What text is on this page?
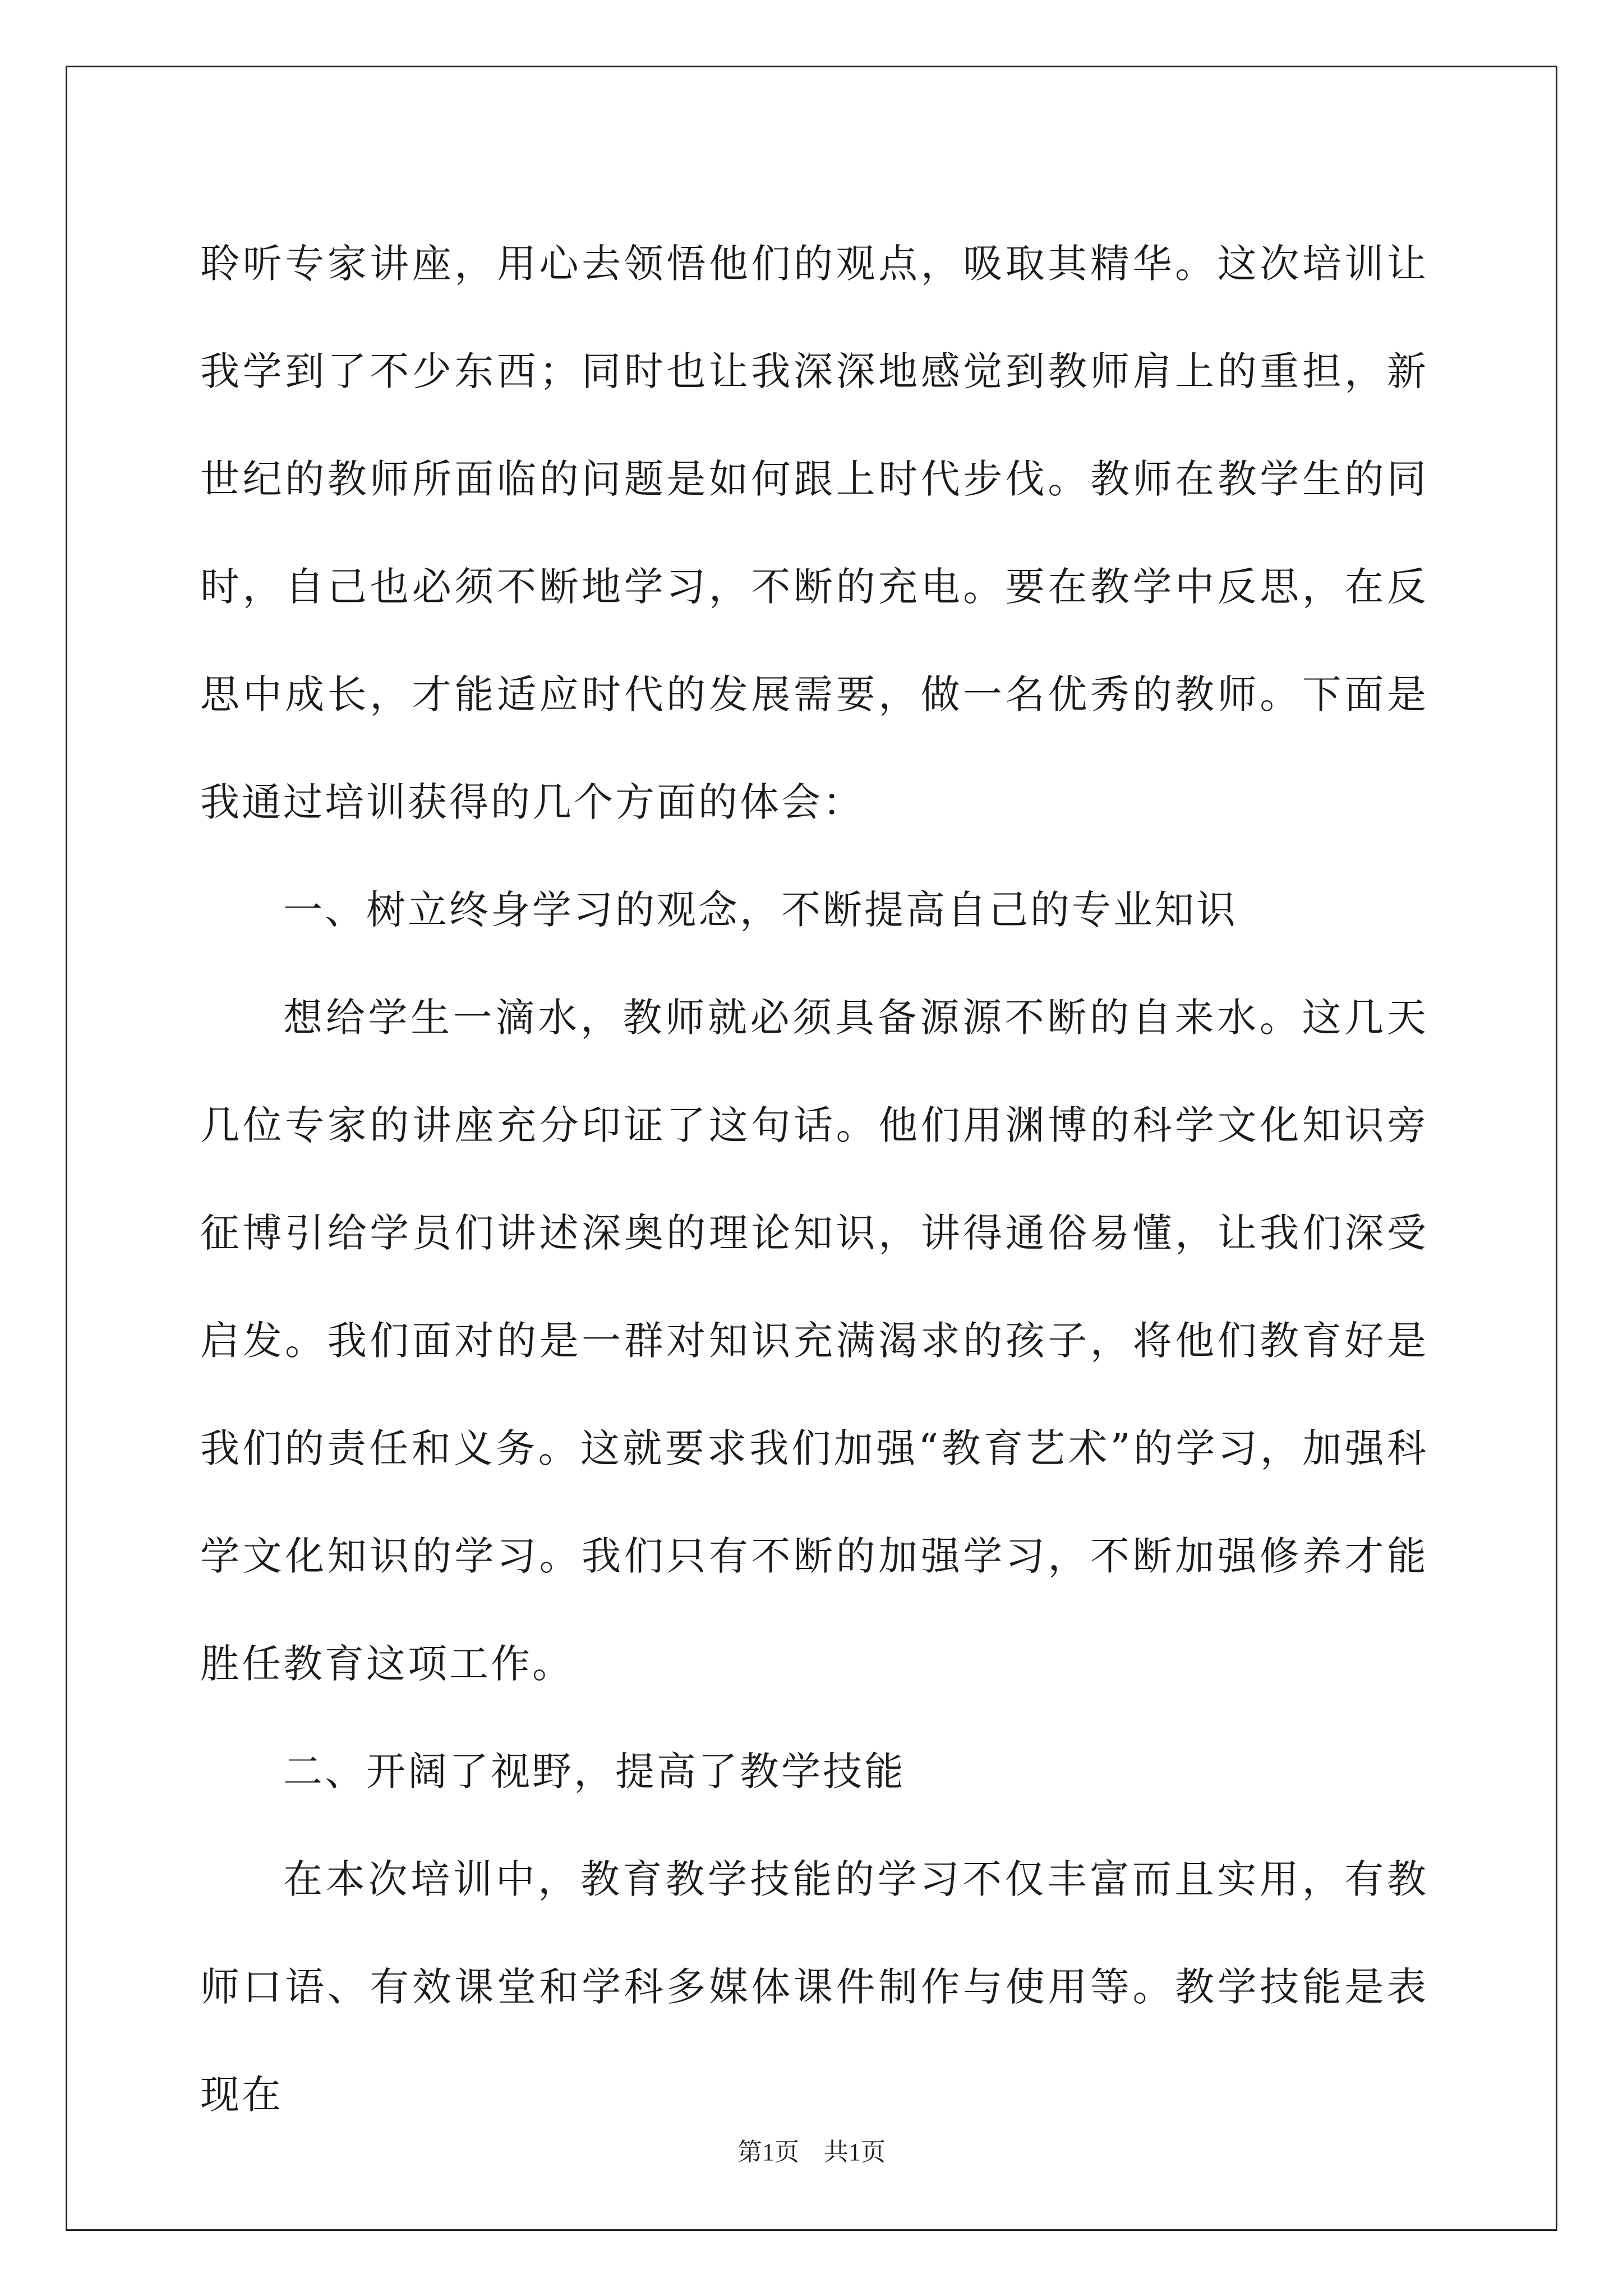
聆听专家讲座，用心去领悟他们的观点，吸取其精华。这次培训让我学到了不少东西；同时也让我深深地感觉到教师肩上的重担，新世纪的教师所面临的问题是如何跟上时代步伐。教师在教学生的同时，自己也必须不断地学习，不断的充电。要在教学中反思，在反思中成长，才能适应时代的发展需要，做一名优秀的教师。下面是我通过培训获得的几个方面的体会：

一、树立终身学习的观念，不断提高自己的专业知识

想给学生一滴水，教师就必须具备源源不断的自来水。这几天几位专家的讲座充分印证了这句话。他们用渊博的科学文化知识旁征博引给学员们讲述深奥的理论知识，讲得通俗易懂，让我们深受启发。我们面对的是一群对知识充满渴求的孩子，将他们教育好是我们的责任和义务。这就要求我们加强“教育艺术”的学习，加强科学文化知识的学习。我们只有不断的加强学习，不断加强修养才能胜任教育这项工作。

二、开阔了视野，提高了教学技能

在本次培训中，教育教学技能的学习不仅丰富而且实用，有教师口语、有效课堂和学科多媒体课件制作与使用等。教学技能是表现在

第1页 共1页
